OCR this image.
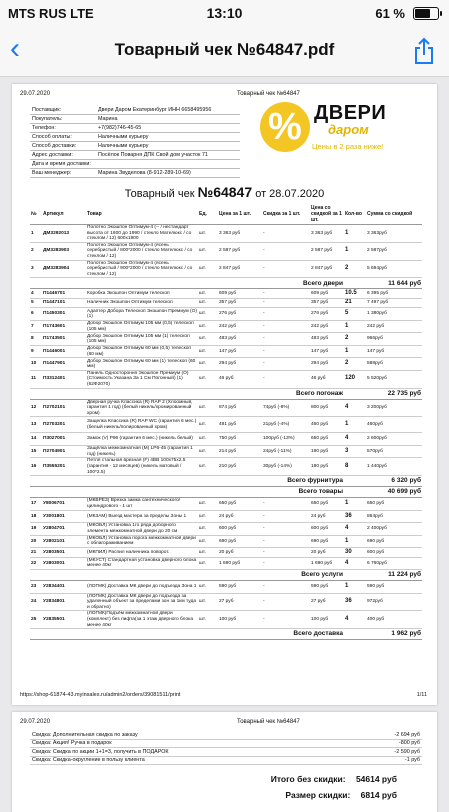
MTS RUS LTE	13:10	61 %
‹	Товарный чек №64847.pdf
29.07.2020	Товарный чек №64847
Поставщик:	Двери Даром Екатеринбург ИНН 6658495956
Покупатель:	Марина
Телефон:	+7(982)746-45-65
Способ оплаты:	Наличными курьеру
Способ доставки:	Наличными курьеру
Адрес доставки:	Посёлок Поварня ДПК Свой дом участок 71
Дата и время доставки:	
Ваш менеджер:	Марина Звуделова (8-912-289-10-69)
% ДВЕРИ
даром
Цены в 2 раза ниже!
Товарный чек №64847 от 28.07.2020
№	Артикул	Товар	Ед.	Цена за 1 шт.	Скидка за 1 шт.	Цена со скидкой за 1 шт.	Кол-во	Сумма со скидкой
1	ДМ3292013	Полотно Экошпон Оптимум-4 (-- / нестандарт высота от 1600 до 1990 / стекло Мателюкс / со стеклом / 12) 600x1900	шт.	3 363 руб	-	3 363 руб	1	3 363руб
2	ДМ3283903	Полотно Экошпон Оптимум-4 (ясень серебристый / 800*2000 / стекло Мателюкс / со стеклом / 12)	шт.	2 587 руб	-	2 587 руб	1	2 587руб
3	ДМ3283904	Полотно Экошпон Оптимум-4 (ясень серебристый / 900*2000 / стекло Мателюкс / со стеклом / 12)	шт.	2 847 руб	-	2 847 руб	2	5 694руб
Всего двери							11 644 руб	
4	П1446701	Коробка Экошпон Оптимум телескоп	шт.	609 руб	-	609 руб	10.5	6 395 руб
5	П1447101	Наличник Экошпон Оптимум телескоп	шт.	357 руб	-	357 руб	21	7 497 руб
6	П1450301	Адаптер Добора Телескоп Экошпон Премиум (О) (1)	шт.	276 руб	-	276 руб	5	1 380руб
7	П1743601	Добор Экошпон Оптимум 105 мм (0,5) телескоп (105 мм)	шт.	242 руб	-	242 руб	1	242 руб
8	П1743501	Добор Экошпон Оптимум 105 мм (1) телескоп (105 мм)	шт.	483 руб	-	483 руб	2	966руб
9	П1446001	Добор Экошпон Оптимум 60 мм (0,5) телескоп (60 мм)	шт.	147 руб	-	147 руб	1	147 руб
10	П1447901	Добор Экошпон Оптимум 60 мм (1) телескоп (60 мм)	шт.	294 руб	-	294 руб	2	588руб
11	П3312401	Панель Одностороння Экошпон Премиум (О) (Стоимость Указана За 1 См Погонный) (1) (62Ф2070)	шт.	46 руб	-	46 руб	120	5 520руб
Всего погонаж							22 735 руб	
12	П2702101	Дверная ручка Классика (R) RAP 2 (Хлоомный, гарантия 1 год) (белый никель/хромированный хром)	шт.	874 руб	74руб (-8%)	800 руб	4	3 200руб
13	П2703201	Защелка Классика (R) RAP WC (гарантия 6 мес.) (белый никель/полированный хром)	шт.	481 руб	21руб (-4%)	460 руб	1	460руб
14	П3027001	Замок (V) Р96 (гарантия 6 мес.) (никель белый)	шт.	750 руб	100руб (-13%)	650 руб	4	2 600руб
15	П2704901	Защёлка межкомнатная (M) LP6-45 (гарантия 1 год) (никель)	шт.	214 руб	24руб (-11%)	190 руб	3	570руб
16	П3555201	Петля стальная врезная (F) 4BB 100x75x2.5 (гарантия - 12 месяцев) (никель матовый / 100*2.5)	шт.	210 руб	30руб (-14%)	180 руб	8	1 440руб
Всего фурнитура							6 320 руб	
Всего товары							40 699 руб	
17	У8006701	(МКВРЕЗ) Врезка замка сантехнического/ цилиндрового - 1 шт	шт.	650 руб	-	650 руб	1	650 руб
18	У3001801	(МКЗАМ) Выезд мастера за пределы Зоны 1	шт.	24 руб	-	24 руб	36	864руб
19	У2804701	(МКОБЛ) Установка 1го ряда доборного элемента межкомнатной двери до 20 см	шт.	600 руб	-	600 руб	4	2 400руб
20	У2802101	(МКОБЛ) Установка порога межкомнатной двери с облагораживанием	шт.	690 руб	-	690 руб	1	690 руб
21	У2803501	(МКПИЛ) Распил наличника поворот.	шт.	20 руб	-	20 руб	30	600 руб
22	У2803001	(МКУСТ) Стандартная установка дверного блока менее 40кг	шт.	1 690 руб	-	1 690 руб	4	6 760руб
Всего услуги							11 224 руб	
23	У2834401	(ЛОГМК) Доставка МК двери до подъезда Зона 1	шт.	590 руб	-	590 руб	1	590 руб
24	У2834801	(ЛОГМК) Доставка МК двери до подъезда за удаленный объект за пределами зон за 1км туда и обратно)	шт.	27 руб	-	27 руб	36	972руб
25	У2835501	(ЛОГМК)Подъём межкомнатной двери (комплект) без лифта(за 1 этаж дверного блока менее 40кг	шт.	100 руб	-	100 руб	4	400 руб
Всего доставка							1 962 руб	
https://shop-61874-43.myinsales.ru/admin2/orders/39081511/print	1/11
29.07.2020	Товарный чек №64847
Скидка: Дополнительная скидка по заказу	-2 694 руб
Скидка: Акция! Ручка в подарок	-800 руб
Скидка: Скидка по акции 1+1=3, получить в ПОДАРОК	-2 590 руб
Скидка: Скидка-округление в пользу клиента	-1 руб
Итого без скидки: 54614 руб
Размер скидки: 6814 руб
